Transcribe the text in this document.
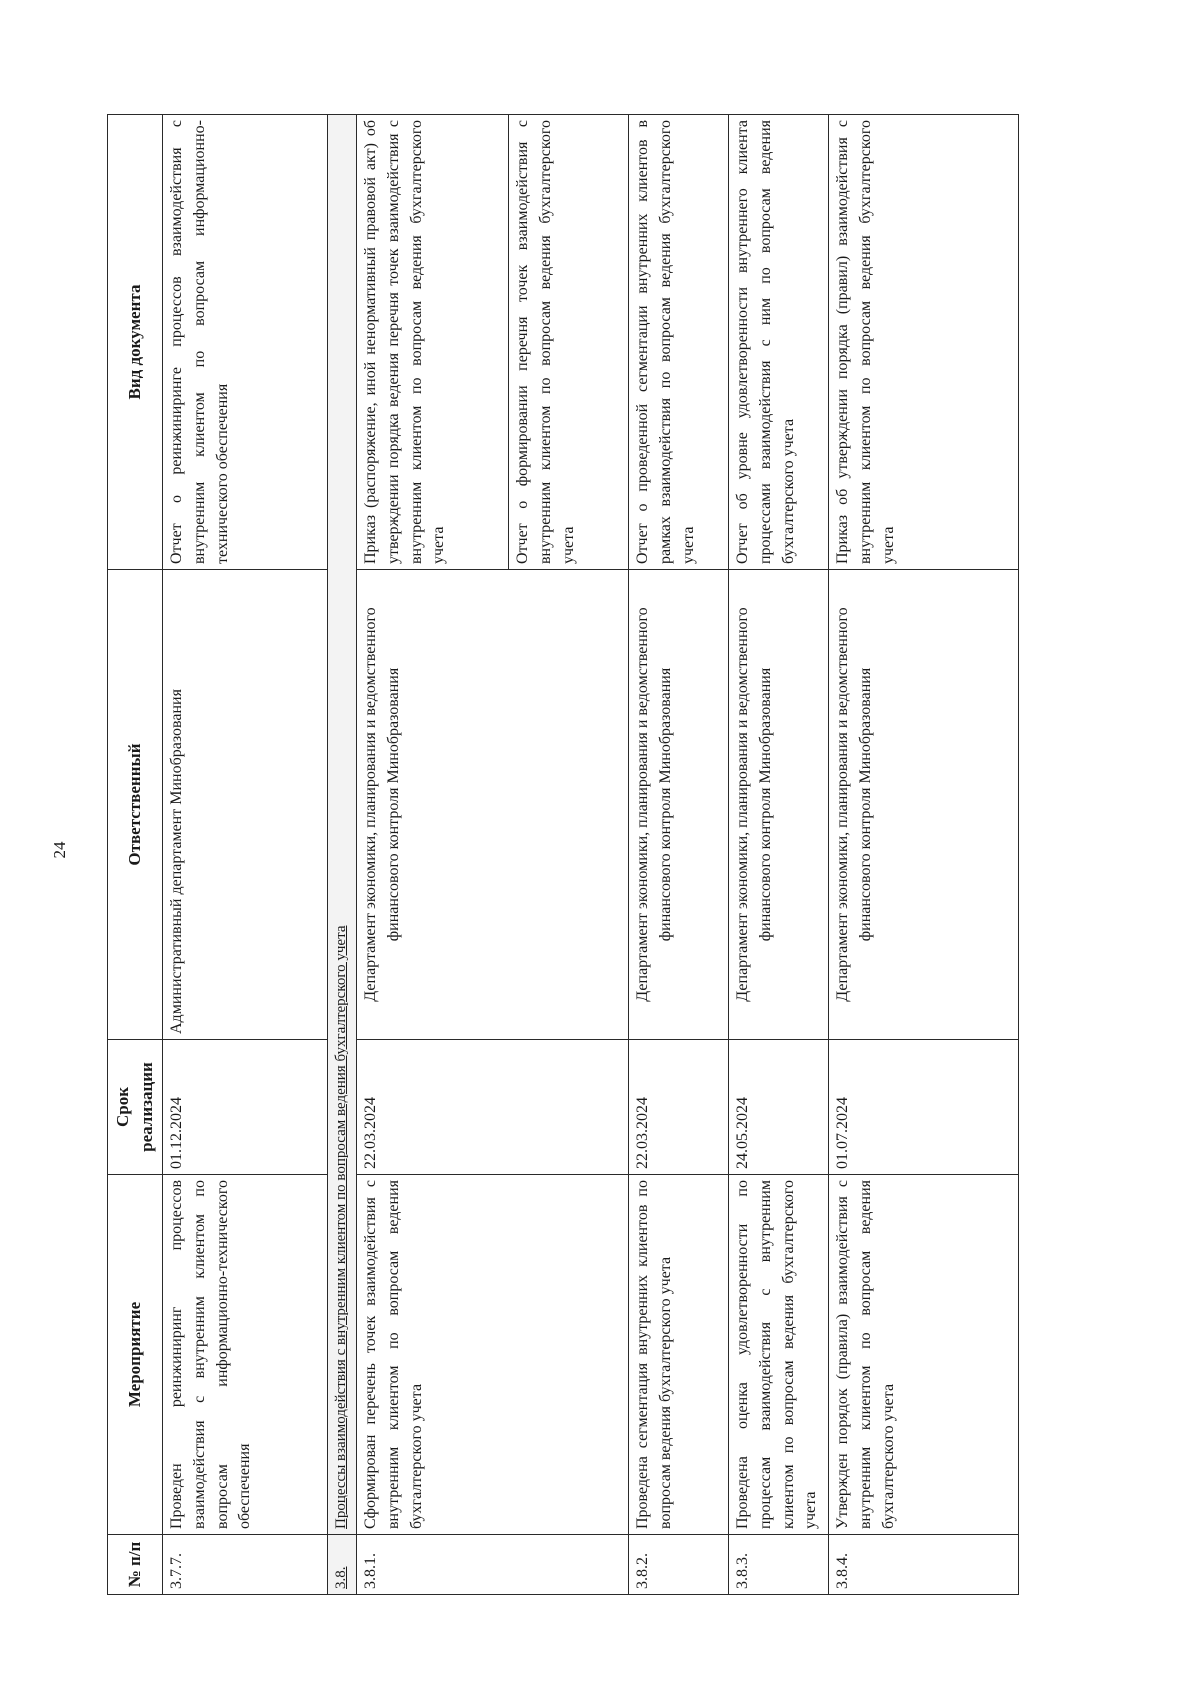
24
№ п/п	Мероприятие	Срок реализации	Ответственный	Вид документа
3.7.7.	Проведен реинжиниринг процессов взаимодействия с внутренним клиентом по вопросам информационно-технического обеспечения	01.12.2024	Административный департамент Минобразования	Отчет о реинжиниринге процессов взаимодействия с внутренним клиентом по вопросам информационно-технического обеспечения
3.8.	Процессы взаимодействия с внутренним клиентом по вопросам ведения бухгалтерского учета			
3.8.1.	Сформирован перечень точек взаимодействия с внутренним клиентом по вопросам ведения бухгалтерского учета	22.03.2024	Департамент экономики, планирования и ведомственного финансового контроля Минобразования	Приказ (распоряжение, иной ненормативный правовой акт) об утверждении порядка ведения перечня точек взаимодействия с внутренним клиентом по вопросам ведения бухгалтерского учета
				Отчет о формировании перечня точек взаимодействия с внутренним клиентом по вопросам ведения бухгалтерского учета
3.8.2.	Проведена сегментация внутренних клиентов по вопросам ведения бухгалтерского учета	22.03.2024	Департамент экономики, планирования и ведомственного финансового контроля Минобразования	Отчет о проведенной сегментации внутренних клиентов в рамках взаимодействия по вопросам ведения бухгалтерского учета
3.8.3.	Проведена оценка удовлетворенности по процессам взаимодействия с внутренним клиентом по вопросам ведения бухгалтерского учета	24.05.2024	Департамент экономики, планирования и ведомственного финансового контроля Минобразования	Отчет об уровне удовлетворенности внутреннего клиента процессами взаимодействия с ним по вопросам ведения бухгалтерского учета
3.8.4.	Утвержден порядок (правила) взаимодействия с внутренним клиентом по вопросам ведения бухгалтерского учета	01.07.2024	Департамент экономики, планирования и ведомственного финансового контроля Минобразования	Приказ об утверждении порядка (правил) взаимодействия с внутренним клиентом по вопросам ведения бухгалтерского учета
